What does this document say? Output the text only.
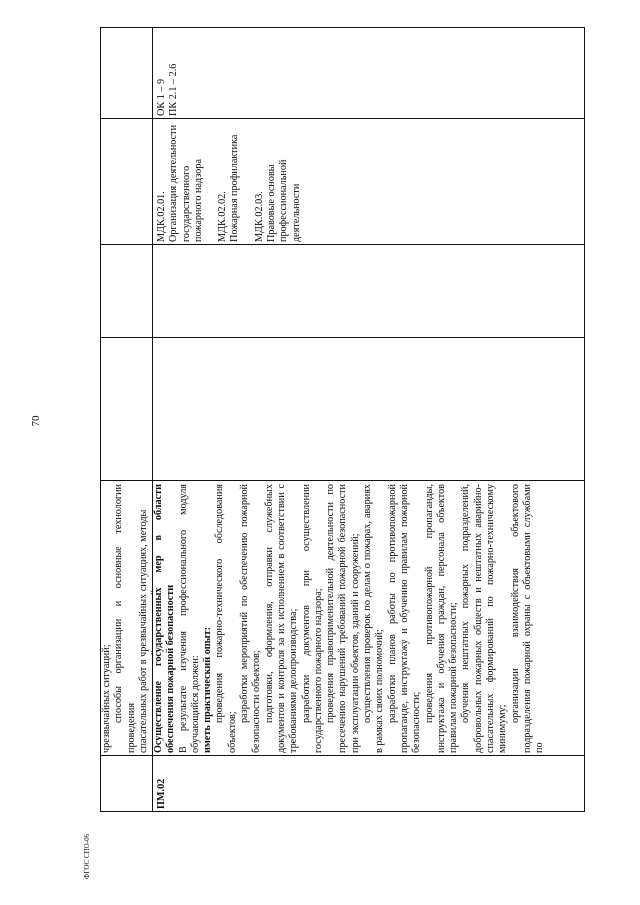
70
ФГОС СПО-06

чрезвычайных ситуаций; способы организации и основные технологии проведения спасательных работ в чрезвычайных ситуациях, методы

ПМ.02

Осуществление государственных мер в области обеспечения пожарной безопасности В результате изучения профессионального модуля обучающийся должен: иметь практический опыт: проведения пожарно-технического обследования объектов;

разработки мероприятий по обеспечению пожарной безопасности объектов; подготовки, оформления, отправки служебных документов и контроля за их исполнением в соответствии с требованиями делопроизводства; разработки документов при осуществлении государственного пожарного надзора; проведения правоприменительной деятельности по пресечению нарушений требований пожарной безопасности при эксплуатации объектов, зданий и сооружений; осуществления проверок по делам о пожарах, авариях в рамках своих полномочий; разработки планов работы по противопожарной пропаганде, инструктажу и обучению правилам пожарной безопасности; проведения противопожарной пропаганды, инструктажа и обучения граждан, персонала объектов правилам пожарной безопасности; обучения нештатных пожарных подразделений, добровольных пожарных обществ и нештатных аварийно-спасательных формирований по пожарно-техническому минимуму;

организации взаимодействия объектового подразделения пожарной охраны с объектовыми службами по

МДК.02.01. Организация деятельности государственного пожарного надзора МДК.02.02. Пожарная профилактика МДК.02.03. Правовые основы профессиональной деятельности

ОК 1 – 9 ПК 2.1 – 2.6
